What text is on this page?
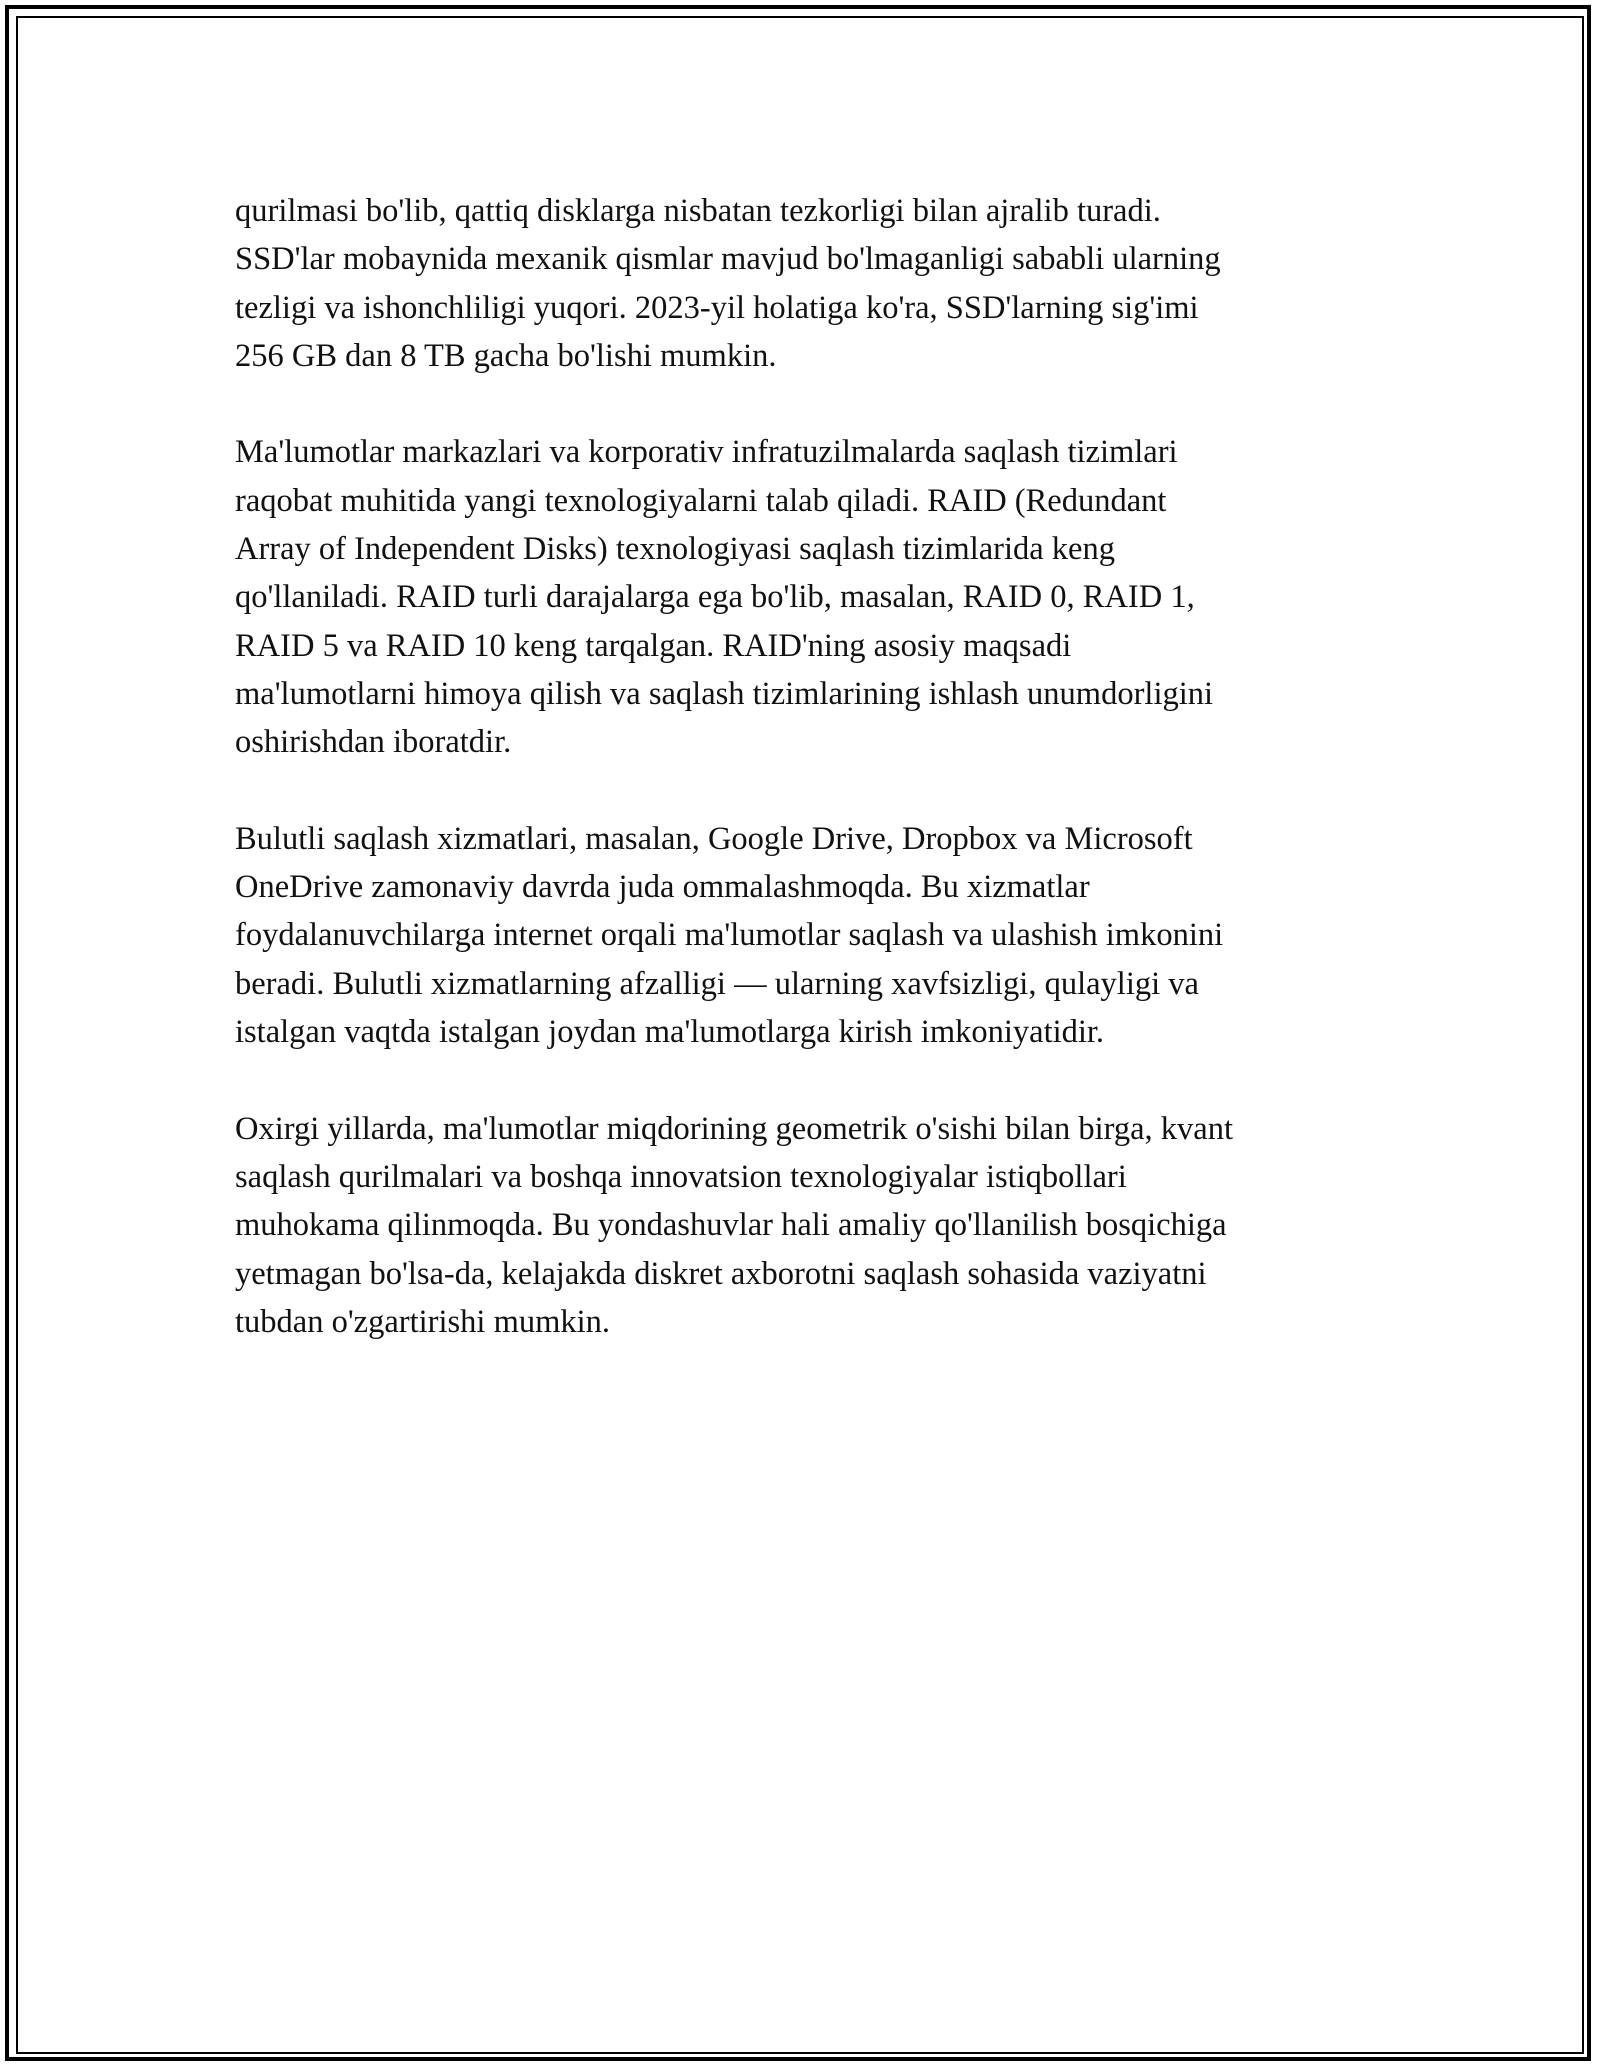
qurilmasi bo'lib, qattiq disklarga nisbatan tezkorligi bilan ajralib turadi.
SSD'lar mobaynida mexanik qismlar mavjud bo'lmaganligi sababli ularning
tezligi va ishonchliligi yuqori. 2023-yil holatiga ko'ra, SSD'larning sig'imi
256 GB dan 8 TB gacha bo'lishi mumkin.

Ma'lumotlar markazlari va korporativ infratuzilmalarda saqlash tizimlari
raqobat muhitida yangi texnologiyalarni talab qiladi. RAID (Redundant
Array of Independent Disks) texnologiyasi saqlash tizimlarida keng
qo'llaniladi. RAID turli darajalarga ega bo'lib, masalan, RAID 0, RAID 1,
RAID 5 va RAID 10 keng tarqalgan. RAID'ning asosiy maqsadi
ma'lumotlarni himoya qilish va saqlash tizimlarining ishlash unumdorligini
oshirishdan iboratdir.

Bulutli saqlash xizmatlari, masalan, Google Drive, Dropbox va Microsoft
OneDrive zamonaviy davrda juda ommalashmoqda. Bu xizmatlar
foydalanuvchilarga internet orqali ma'lumotlar saqlash va ulashish imkonini
beradi. Bulutli xizmatlarning afzalligi — ularning xavfsizligi, qulayligi va
istalgan vaqtda istalgan joydan ma'lumotlarga kirish imkoniyatidir.

Oxirgi yillarda, ma'lumotlar miqdorining geometrik o'sishi bilan birga, kvant
saqlash qurilmalari va boshqa innovatsion texnologiyalar istiqbollari
muhokama qilinmoqda. Bu yondashuvlar hali amaliy qo'llanilish bosqichiga
yetmagan bo'lsa-da, kelajakda diskret axborotni saqlash sohasida vaziyatni
tubdan o'zgartirishi mumkin.
